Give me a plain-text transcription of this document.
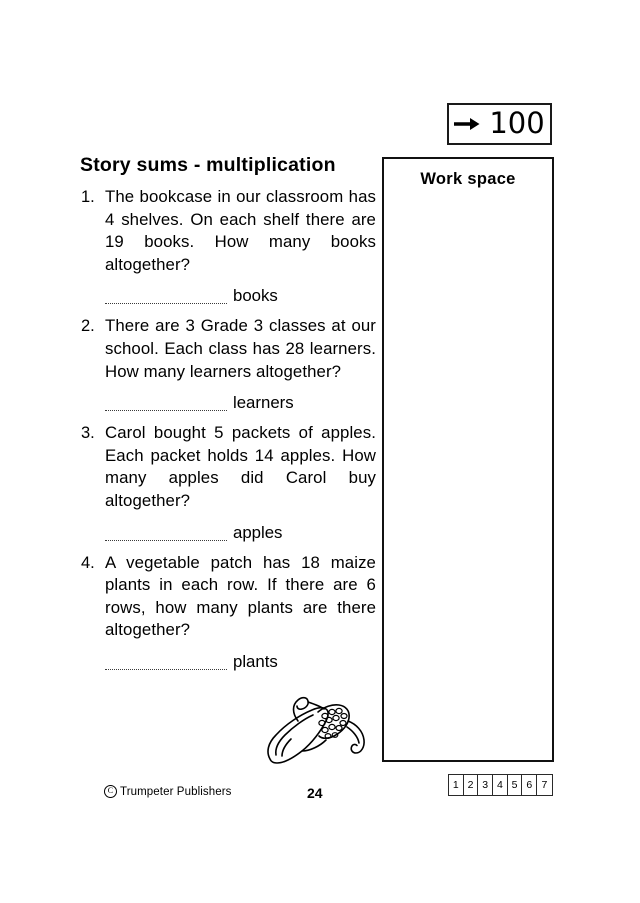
100
Story sums - multiplication
1. The bookcase in our classroom has 4 shelves. On each shelf there are 19 books. How many books altogether?
books
2. There are 3 Grade 3 classes at our school. Each class has 28 learners. How many learners altogether?
learners
3. Carol bought 5 packets of apples. Each packet holds 14 apples. How many apples did Carol buy altogether?
apples
4. A vegetable patch has 18 maize plants in each row. If there are 6 rows, how many plants are there altogether?
plants
Work space
C Trumpeter Publishers	24	1 2 3 4 5 6 7
